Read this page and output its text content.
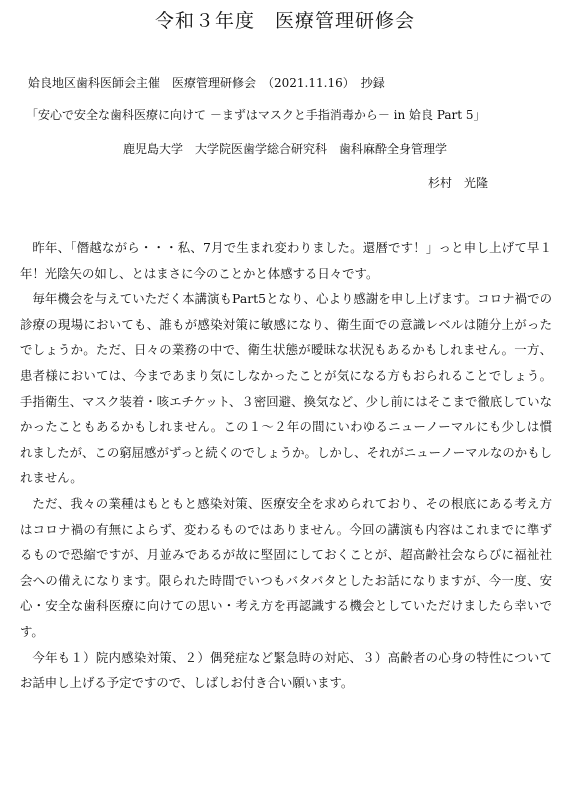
令和３年度　医療管理研修会
姶良地区歯科医師会主催　医療管理研修会　（2021.11.16）　抄録
「安心で安全な歯科医療に向けて －まずはマスクと手指消毒から－ in 姶良 Part 5」
鹿児島大学　大学院医歯学総合研究科　歯科麻酔全身管理学
杉村　光隆

昨年、「僭越ながら・・・私、7月で生まれ変わりました。還暦です！」っと申し上げて早１年！光陰矢の如し、とはまさに今のことかと体感する日々です。

毎年機会を与えていただく本講演もPart5となり、心より感謝を申し上げます。コロナ禍での診療の現場においても、誰もが感染対策に敏感になり、衛生面での意識レベルは随分上がったでしょうか。ただ、日々の業務の中で、衛生状態が曖昧な状況もあるかもしれません。一方、患者様においては、今まであまり気にしなかったことが気になる方もおられることでしょう。手指衛生、マスク装着・咳エチケット、３密回避、換気など、少し前にはそこまで徹底していなかったこともあるかもしれません。この１～２年の間にいわゆるニューノーマルにも少しは慣れましたが、この窮屈感がずっと続くのでしょうか。しかし、それがニューノーマルなのかもしれません。

ただ、我々の業種はもともと感染対策、医療安全を求められており、その根底にある考え方はコロナ禍の有無によらず、変わるものではありません。今回の講演も内容はこれまでに準ずるもので恐縮ですが、月並みであるが故に堅固にしておくことが、超高齢社会ならびに福祉社会への備えになります。限られた時間でいつもバタバタとしたお話になりますが、今一度、安心・安全な歯科医療に向けての思い・考え方を再認識する機会としていただけましたら幸いです。

今年も１）院内感染対策、２）偶発症など緊急時の対応、３）高齢者の心身の特性についてお話申し上げる予定ですので、しばしお付き合い願います。
